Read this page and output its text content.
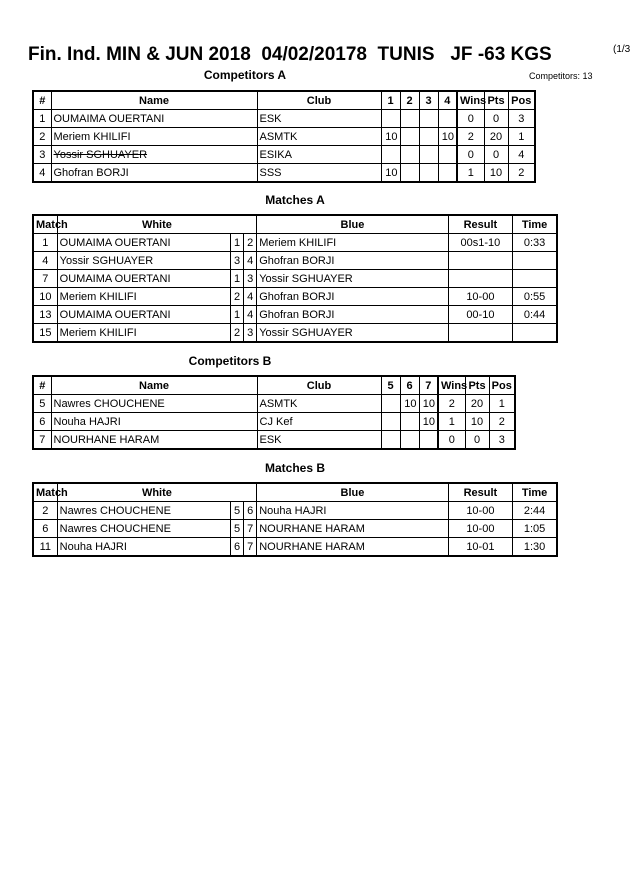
Fin. Ind. MIN & JUN 2018  04/02/20178  TUNIS   JF -63 KGS	(1/3
Competitors A	Competitors: 13
#	Name	Club	1	2	3	4	Wins	Pts	Pos
1	OUMAIMA OUERTANI	ESK					0	0	3
2	Meriem KHILIFI	ASMTK	10			10	2	20	1
3	Yossir SGHUAYER	ESIKA					0	0	4
4	Ghofran BORJI	SSS	10				1	10	2
Matches A
Match	White			Blue	Result	Time
1	OUMAIMA OUERTANI	1	2	Meriem KHILIFI	00s1-10	0:33
4	Yossir SGHUAYER	3	4	Ghofran BORJI		
7	OUMAIMA OUERTANI	1	3	Yossir SGHUAYER		
10	Meriem KHILIFI	2	4	Ghofran BORJI	10-00	0:55
13	OUMAIMA OUERTANI	1	4	Ghofran BORJI	00-10	0:44
15	Meriem KHILIFI	2	3	Yossir SGHUAYER		
Competitors B
#	Name	Club	5	6	7	Wins	Pts	Pos
5	Nawres CHOUCHENE	ASMTK		10	10	2	20	1
6	Nouha HAJRI	CJ Kef			10	1	10	2
7	NOURHANE HARAM	ESK				0	0	3
Matches B
Match	White			Blue	Result	Time
2	Nawres CHOUCHENE	5	6	Nouha HAJRI	10-00	2:44
6	Nawres CHOUCHENE	5	7	NOURHANE HARAM	10-00	1:05
11	Nouha HAJRI	6	7	NOURHANE HARAM	10-01	1:30
